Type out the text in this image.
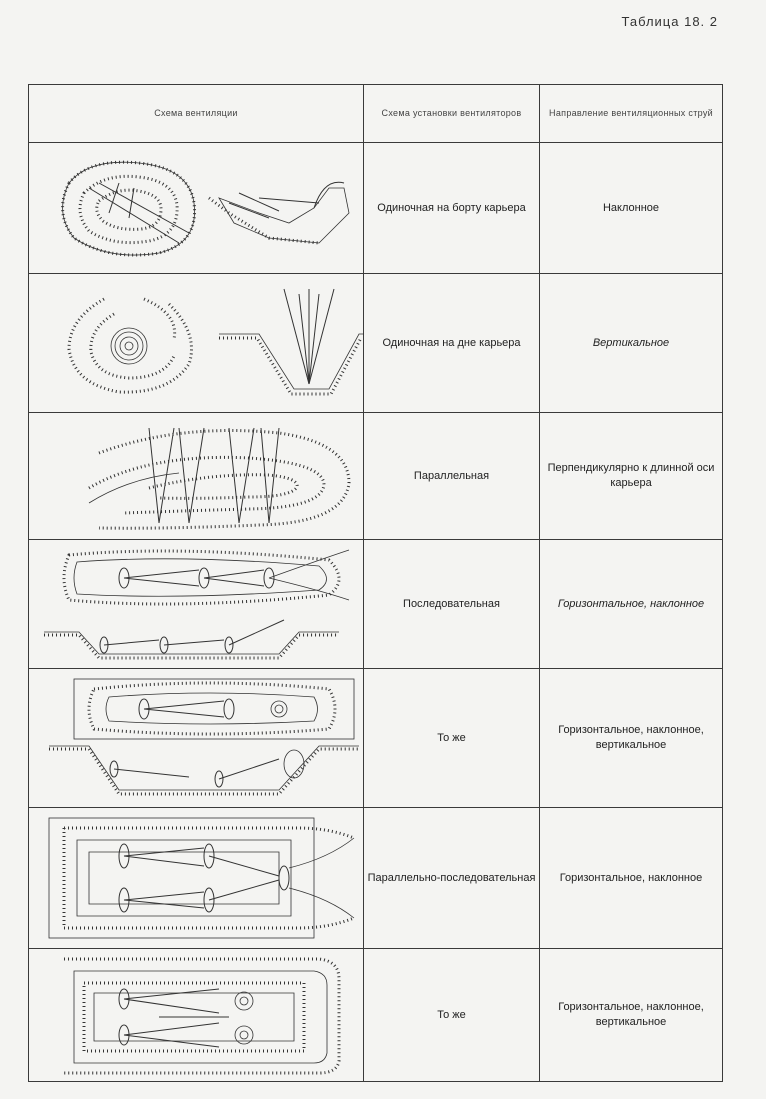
Таблица 18. 2
Схема вентиляции	Схема установки вентиляторов	Направление вентиляционных струй

	Одиночная на борту карьера	Наклонное

	Одиночная на дне карьера	Вертикальное

	Параллельная	Перпендикулярно к длинной оси карьера

	Последовательная	Горизонтальное, наклонное

	То же	Горизонтальное, наклонное, вертикальное

	Параллельно-последовательная	Горизонтальное, наклонное

	То же	Горизонтальное, наклонное, вертикальное
